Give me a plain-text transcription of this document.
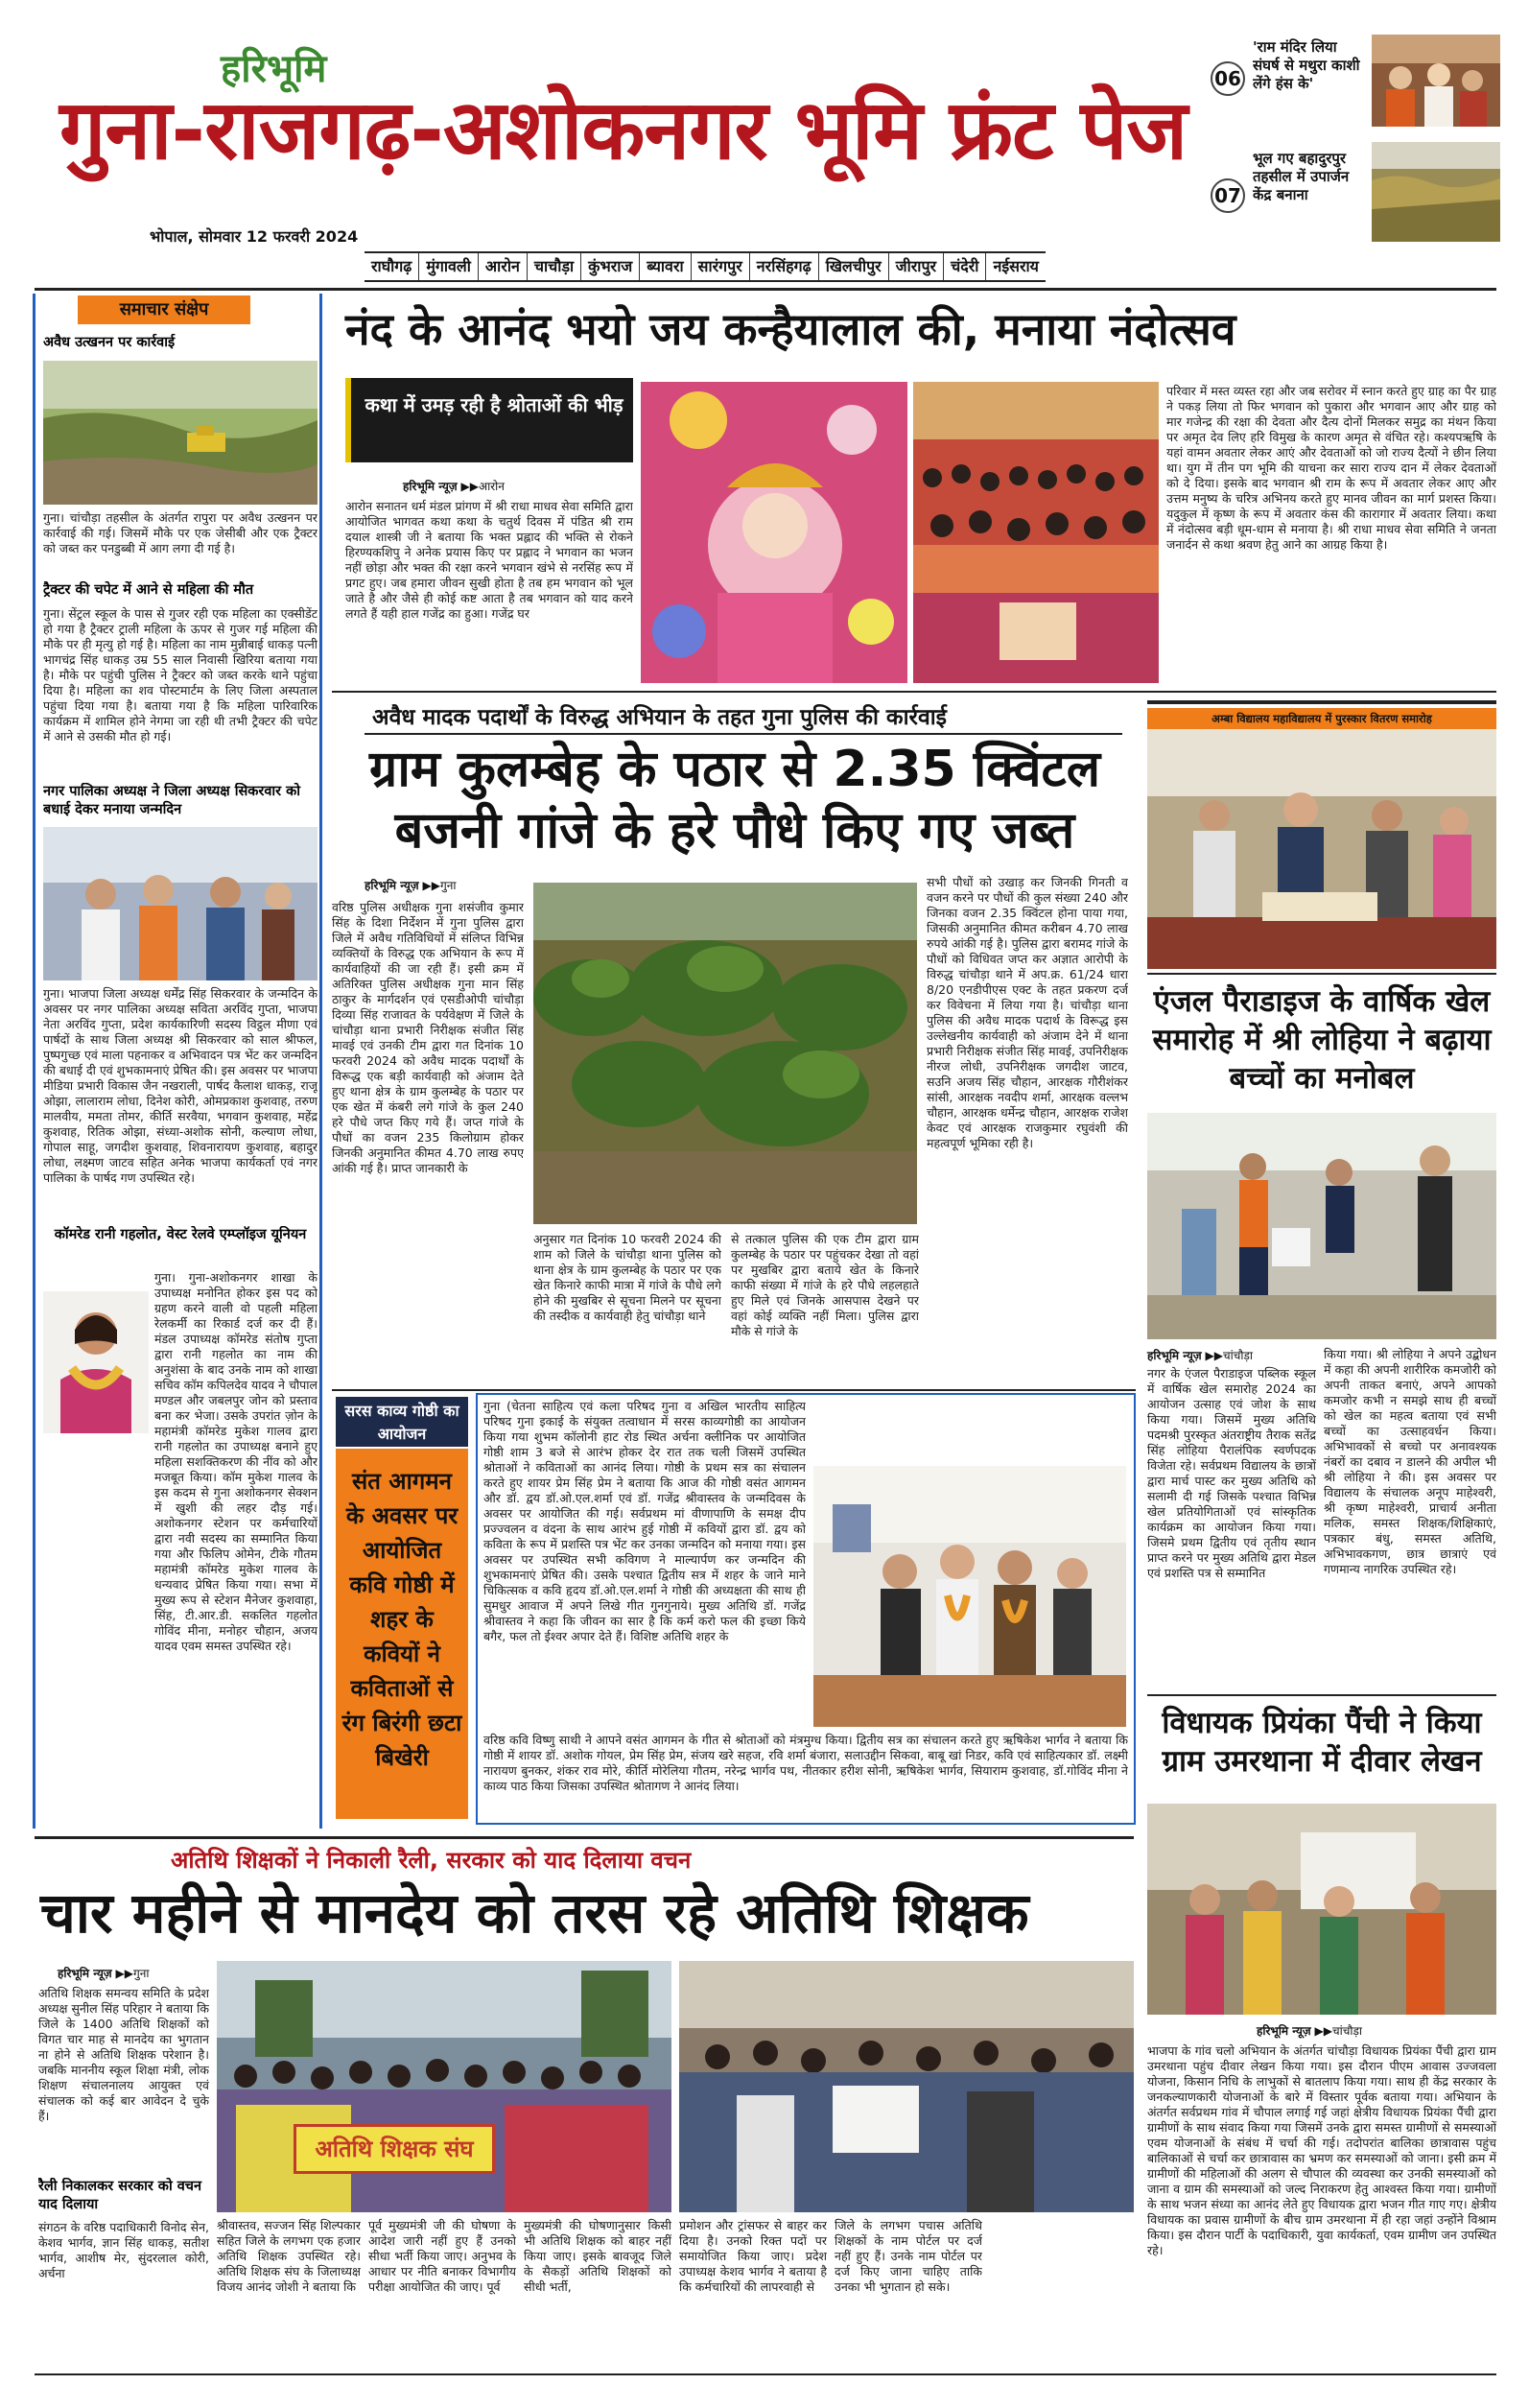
हरिभूमि
गुना-राजगढ़-अशोकनगर भूमि फ्रंट पेज
भोपाल, सोमवार 12 फरवरी 2024
06
'राम मंदिर लिया संघर्ष से मथुरा काशी लेंगे हंस के'
07
भूल गए बहादुरपुर तहसील में उपार्जन केंद्र बनाना
राघौगढ़ मुंगावली आरोन चाचौड़ा कुंभराज ब्यावरा सारंगपुर नरसिंहगढ़ खिलचीपुर जीरापुर चंदेरी नईसराय
समाचार संक्षेप
अवैध उत्खनन पर कार्रवाई
गुना। चांचौड़ा तहसील के अंतर्गत रापुरा पर अवैध उत्खनन पर कार्रवाई की गई। जिसमें मौके पर एक जेसीबी और एक ट्रैक्टर को जब्त कर पनडुब्बी में आग लगा दी गई है।
ट्रैक्टर की चपेट में आने से महिला की मौत
गुना। सेंट्रल स्कूल के पास से गुजर रही एक महिला का एक्सीडेंट हो गया है ट्रैक्टर ट्राली महिला के ऊपर से गुजर गई महिला की मौके पर ही मृत्यु हो गई है। महिला का नाम मुन्नीबाई धाकड़ पत्नी भागचंद्र सिंह धाकड़ उम्र 55 साल निवासी खिरिया बताया गया है। मौके पर पहुंची पुलिस ने ट्रैक्टर को जब्त करके थाने पहुंचा दिया है। महिला का शव पोस्टमार्टम के लिए जिला अस्पताल पहुंचा दिया गया है। बताया गया है कि महिला पारिवारिक कार्यक्रम में शामिल होने नेगमा जा रही थी तभी ट्रैक्टर की चपेट में आने से उसकी मौत हो गई।
नगर पालिका अध्यक्ष ने जिला अध्यक्ष सिकरवार को बधाई देकर मनाया जन्मदिन
गुना। भाजपा जिला अध्यक्ष धर्मेंद्र सिंह सिकरवार के जन्मदिन के अवसर पर नगर पालिका अध्यक्ष सविता अरविंद गुप्ता, भाजपा नेता अरविंद गुप्ता, प्रदेश कार्यकारिणी सदस्य विट्ठल मीणा एवं पार्षदों के साथ जिला अध्यक्ष श्री सिकरवार को साल श्रीफल, पुष्पगुच्छ एवं माला पहनाकर व अभिवादन पत्र भेंट कर जन्मदिन की बधाई दी एवं शुभकामनाएं प्रेषित की। इस अवसर पर भाजपा मीडिया प्रभारी विकास जैन नखराली, पार्षद कैलाश धाकड़, राजू ओझा, लालाराम लोधा, दिनेश कोरी, ओमप्रकाश कुशवाह, तरुण मालवीय, ममता तोमर, कीर्ति सरवैया, भगवान कुशवाह, महेंद्र कुशवाह, रितिक ओझा, संध्या-अशोक सोनी, कल्याण लोधा, गोपाल साहू, जगदीश कुशवाह, शिवनारायण कुशवाह, बहादुर लोधा, लक्ष्मण जाटव सहित अनेक भाजपा कार्यकर्ता एवं नगर पालिका के पार्षद गण उपस्थित रहे।
कॉमरेड रानी गहलोत, वेस्ट रेलवे एम्प्लॉइज यूनियन
गुना। गुना-अशोकनगर शाखा के उपाध्यक्ष मनोनित होकर इस पद को ग्रहण करने वाली वो पहली महिला रेलकर्मी का रिकार्ड दर्ज कर दी हैं। मंडल उपाध्यक्ष कॉमरेड संतोष गुप्ता द्वारा रानी गहलोत का नाम की अनुशंसा के बाद उनके नाम को शाखा सचिव कॉम कपिलदेव यादव ने चौपाल मण्डल और जबलपुर जोन को प्रस्ताव बना कर भेजा। उसके उपरांत ज़ोन के महामंत्री कॉमरेड मुकेश गालव द्वारा रानी गहलोत का उपाध्यक्ष बनाने हुए महिला सशक्तिकरण की नींव को और मजबूत किया। कॉम मुकेश गालव के इस कदम से गुना अशोकनगर सेक्शन में खुशी की लहर दौड़ गई। अशोकनगर स्टेशन पर कर्मचारियों द्वारा नवी सदस्य का सम्मानित किया गया और फिलिप ओमेन, टीके गौतम महामंत्री कॉमरेड मुकेश गालव के धन्यवाद प्रेषित किया गया। सभा में मुख्य रूप से स्टेशन मैनेजर कुशवाहा, सिंह, टी.आर.डी. सकलित गहलोत गोविंद मीना, मनोहर चौहान, अजय यादव एवम समस्त उपस्थित रहे।
नंद के आनंद भयो जय कन्हैयालाल की, मनाया नंदोत्सव
कथा में उमड़ रही है श्रोताओं की भीड़
हरिभूमि न्यूज़ ▶▶आरोन
आरोन सनातन धर्म मंडल प्रांगण में श्री राधा माधव सेवा समिति द्वारा आयोजित भागवत कथा कथा के चतुर्थ दिवस में पंडित श्री राम दयाल शास्त्री जी ने बताया कि भक्त प्रह्लाद की भक्ति से रोकने हिरण्यकशिपु ने अनेक प्रयास किए पर प्रह्लाद ने भगवान का भजन नहीं छोड़ा और भक्त की रक्षा करने भगवान खंभे से नरसिंह रूप में प्रगट हुए। जब हमारा जीवन सुखी होता है तब हम भगवान को भूल जाते है और जैसे ही कोई कष्ट आता है तब भगवान को याद करने लगते हैं यही हाल गजेंद्र का हुआ। गजेंद्र घर
परिवार में मस्त व्यस्त रहा और जब सरोवर में स्नान करते हुए ग्राह का पैर ग्राह ने पकड़ लिया तो फिर भगवान को पुकारा और भगवान आए और ग्राह को मार गजेन्द्र की रक्षा की देवता और दैत्य दोनों मिलकर समुद्र का मंथन किया पर अमृत देव लिए हरि विमुख के कारण अमृत से वंचित रहे। कश्यपऋषि के यहां वामन अवतार लेकर आएं और देवताओं को जो राज्य दैत्यों ने छीन लिया था। युग में तीन पग भूमि की याचना कर सारा राज्य दान में लेकर देवताओं को दे दिया। इसके बाद भगवान श्री राम के रूप में अवतार लेकर आए और उत्तम मनुष्य के चरित्र अभिनय करते हुए मानव जीवन का मार्ग प्रशस्त किया। यदुकुल में कृष्ण के रूप में अवतार कंस की कारागार में अवतार लिया। कथा में नंदोत्सव बड़ी धूम-धाम से मनाया है। श्री राधा माधव सेवा समिति ने जनता जनार्दन से कथा श्रवण हेतु आने का आग्रह किया है।
अवैध मादक पदार्थों के विरुद्ध अभियान के तहत गुना पुलिस की कार्रवाई
ग्राम कुलम्बेह के पठार से 2.35 क्विंटल बजनी गांजे के हरे पौधे किए गए जब्त
हरिभूमि न्यूज़ ▶▶गुना
वरिष्ठ पुलिस अधीक्षक गुना शसंजीव कुमार सिंह के दिशा निर्देशन में गुना पुलिस द्वारा जिले में अवैध गतिविधियों में संलिप्त विभिन्न व्यक्तियों के विरुद्ध एक अभियान के रूप में कार्यवाहियों की जा रही हैं। इसी क्रम में अतिरिक्त पुलिस अधीक्षक गुना मान सिंह ठाकुर के मार्गदर्शन एवं एसडीओपी चांचौड़ा दिव्या सिंह राजावत के पर्यवेक्षण में जिले के चांचौड़ा थाना प्रभारी निरीक्षक संजीत सिंह मावई एवं उनकी टीम द्वारा गत दिनांक 10 फरवरी 2024 को अवैध मादक पदार्थों के विरूद्ध एक बड़ी कार्यवाही को अंजाम देते हुए थाना क्षेत्र के ग्राम कुलम्बेह के पठार पर एक खेत में कंबरी लगे गांजे के कुल 240 हरे पौधे जप्त किए गये हैं। जप्त गांजे के पौधों का वजन 235 किलोग्राम होकर जिनकी अनुमानित कीमत 4.70 लाख रुपए आंकी गई है। प्राप्त जानकारी के
अनुसार गत दिनांक 10 फरवरी 2024 की शाम को जिले के चांचौड़ा थाना पुलिस को थाना क्षेत्र के ग्राम कुलम्बेह के पठार पर एक खेत किनारे काफी मात्रा में गांजे के पौधे लगे होने की मुखबिर से सूचना मिलने पर सूचना की तस्दीक व कार्यवाही हेतु चांचौड़ा थाने
से तत्काल पुलिस की एक टीम द्वारा ग्राम कुलम्बेह के पठार पर पहुंचकर देखा तो वहां पर मुखबिर द्वारा बताये खेत के किनारे काफी संख्या में गांजे के हरे पौधे लहलहाते हुए मिले एवं जिनके आसपास देखने पर वहां कोई व्यक्ति नहीं मिला। पुलिस द्वारा मौके से गांजे के
सभी पौधों को उखाड़ कर जिनकी गिनती व वजन करने पर पौधों की कुल संख्या 240 और जिनका वजन 2.35 क्विंटल होना पाया गया, जिसकी अनुमानित कीमत करीबन 4.70 लाख रुपये आंकी गई है। पुलिस द्वारा बरामद गांजे के पौधों को विधिवत जप्त कर अज्ञात आरोपी के विरुद्ध चांचौड़ा थाने में अप.क्र. 61/24 धारा 8/20 एनडीपीएस एक्ट के तहत प्रकरण दर्ज कर विवेचना में लिया गया है। चांचौड़ा थाना पुलिस की अवैध मादक पदार्थ के विरूद्ध इस उल्लेखनीय कार्यवाही को अंजाम देने में थाना प्रभारी निरीक्षक संजीत सिंह मावई, उपनिरीक्षक नीरज लोधी, उपनिरीक्षक जगदीश जाटव, सउनि अजय सिंह चौहान, आरक्षक गौरीशंकर सांसी, आरक्षक नवदीप शर्मा, आरक्षक वल्लभ चौहान, आरक्षक धर्मेन्द्र चौहान, आरक्षक राजेश केवट एवं आरक्षक राजकुमार रघुवंशी की महत्वपूर्ण भूमिका रही है।
सरस काव्य गोष्ठी का आयोजन
संत आगमन के अवसर पर आयोजित कवि गोष्ठी में शहर के कवियों ने कविताओं से रंग बिरंगी छटा बिखेरी
गुना (चेतना साहित्य एवं कला परिषद गुना व अखिल भारतीय साहित्य परिषद गुना इकाई के संयुक्त तत्वाधान में सरस काव्यगोष्ठी का आयोजन किया गया शुभम कॉलोनी हाट रोड स्थित अर्चना क्लीनिक पर आयोजित गोष्ठी शाम 3 बजे से आरंभ होकर देर रात तक चली जिसमें उपस्थित श्रोताओं ने कविताओं का आनंद लिया। गोष्ठी के प्रथम सत्र का संचालन करते हुए शायर प्रेम सिंह प्रेम ने बताया कि आज की गोष्ठी वसंत आगमन और डॉ. द्वय डॉ.ओ.एल.शर्मा एवं डॉ. गजेंद्र श्रीवास्तव के जन्मदिवस के अवसर पर आयोजित की गई। सर्वप्रथम मां वीणापाणि के समक्ष दीप प्रज्ज्वलन व वंदना के साथ आरंभ हुई गोष्ठी में कवियों द्वारा डॉ. द्वय को कविता के रूप में प्रशस्ति पत्र भेंट कर उनका जन्मदिन को मनाया गया। इस अवसर पर उपस्थित सभी कविगण ने माल्यार्पण कर जन्मदिन की शुभकामनाएं प्रेषित की। उसके पश्चात द्वितीय सत्र में शहर के जाने माने चिकित्सक व कवि हृदय डॉ.ओ.एल.शर्मा ने गोष्ठी की अध्यक्षता की साथ ही सुमधुर आवाज में अपने लिखे गीत गुनगुनाये। मुख्य अतिथि डॉ. गजेंद्र श्रीवास्तव ने कहा कि जीवन का सार है कि कर्म करो फल की इच्छा किये बगैर, फल तो ईश्वर अपार देते हैं। विशिष्ट अतिथि शहर के
वरिष्ठ कवि विष्णु साथी ने आपने वसंत आगमन के गीत से श्रोताओं को मंत्रमुग्ध किया। द्वितीय सत्र का संचालन करते हुए ऋषिकेश भार्गव ने बताया कि गोष्ठी में शायर डॉ. अशोक गोयल, प्रेम सिंह प्रेम, संजय खरे सहज, रवि शर्मा बंजारा, सलाउद्दीन सिकवा, बाबू खां निडर, कवि एवं साहित्यकार डॉ. लक्ष्मी नारायण बुनकर, शंकर राव मोरे, कीर्ति मोरेलिया गौतम, नरेन्द्र भार्गव पथ, नीतकार हरीश सोनी, ऋषिकेश भार्गव, सियाराम कुशवाह, डॉ.गोविंद मीना ने काव्य पाठ किया जिसका उपस्थित श्रोतागण ने आनंद लिया।
अम्बा विद्यालय महाविद्यालय में पुरस्कार वितरण समारोह
एंजल पैराडाइज के वार्षिक खेल समारोह में श्री लोहिया ने बढ़ाया बच्चों का मनोबल
हरिभूमि न्यूज़ ▶▶चांचौड़ा
नगर के एंजल पैराडाइज पब्लिक स्कूल में वार्षिक खेल समारोह 2024 का आयोजन उत्साह एवं जोश के साथ किया गया। जिसमें मुख्य अतिथि पदमश्री पुरस्कृत अंतराष्ट्रीय तैराक सतेंद्र सिंह लोहिया पैरालंपिक स्वर्णपदक विजेता रहे। सर्वप्रथम विद्यालय के छात्रों द्वारा मार्च पास्ट कर मुख्य अतिथि को सलामी दी गई जिसके पश्चात विभिन्न खेल प्रतियोगिताओं एवं सांस्कृतिक कार्यक्रम का आयोजन किया गया। जिसमे प्रथम द्वितीय एवं तृतीय स्थान प्राप्त करने पर मुख्य अतिथि द्वारा मेडल एवं प्रशस्ति पत्र से सम्मानित
किया गया। श्री लोहिया ने अपने उद्बोधन में कहा की अपनी शारीरिक कमजोरी को अपनी ताकत बनाएं, अपने आपको कमजोर कभी न समझे साथ ही बच्चों को खेल का महत्व बताया एवं सभी बच्चों का उत्साहवर्धन किया। अभिभावकों से बच्चो पर अनावश्यक नंबरों का दबाव न डालने की अपील भी श्री लोहिया ने की। इस अवसर पर विद्यालय के संचालक अनूप माहेश्वरी, श्री कृष्ण माहेश्वरी, प्राचार्य अनीता मलिक, समस्त शिक्षक/शिक्षिकाएं, पत्रकार बंधु, समस्त अतिथि, अभिभावकगण, छात्र छात्राएं एवं गणमान्य नागरिक उपस्थित रहे।
विधायक प्रियंका पैंची ने किया ग्राम उमरथाना में दीवार लेखन
हरिभूमि न्यूज़ ▶▶चांचौड़ा
भाजपा के गांव चलो अभियान के अंतर्गत चांचौड़ा विधायक प्रियंका पैंची द्वारा ग्राम उमरथाना पहुंच दीवार लेखन किया गया। इस दौरान पीएम आवास उज्जवला योजना, किसान निधि के लाभुकों से बातलाप किया गया। साथ ही केंद्र सरकार के जनकल्याणकारी योजनाओं के बारे में विस्तार पूर्वक बताया गया। अभियान के अंतर्गत सर्वप्रथम गांव में चौपाल लगाई गई जहां क्षेत्रीय विधायक प्रियंका पैंची द्वारा ग्रामीणों के साथ संवाद किया गया जिसमें उनके द्वारा समस्त ग्रामीणों से समस्याओं एवम योजनाओं के संबंध में चर्चा की गई। तदोपरांत बालिका छात्रावास पहुंच बालिकाओं से चर्चा कर छात्रावास का भ्रमण कर समस्याओं को जाना। इसी क्रम में ग्रामीणों की महिलाओं की अलग से चौपाल की व्यवस्था कर उनकी समस्याओं को जाना व ग्राम की समस्याओं को जल्द निराकरण हेतु आश्वस्त किया गया। ग्रामीणों के साथ भजन संध्या का आनंद लेते हुए विधायक द्वारा भजन गीत गाए गए। क्षेत्रीय विधायक का प्रवास ग्रामीणों के बीच ग्राम उमरथाना में ही रहा जहां उन्होंने विश्राम किया। इस दौरान पार्टी के पदाधिकारी, युवा कार्यकर्ता, एवम ग्रामीण जन उपस्थित रहे।
अतिथि शिक्षकों ने निकाली रैली, सरकार को याद दिलाया वचन
चार महीने से मानदेय को तरस रहे अतिथि शिक्षक
हरिभूमि न्यूज़ ▶▶गुना
अतिथि शिक्षक समन्वय समिति के प्रदेश अध्यक्ष सुनील सिंह परिहार ने बताया कि जिले के 1400 अतिथि शिक्षकों को विगत चार माह से मानदेय का भुगतान ना होने से अतिथि शिक्षक परेशान है। जबकि माननीय स्कूल शिक्षा मंत्री, लोक शिक्षण संचालनालय आयुक्त एवं संचालक को कई बार आवेदन दे चुके हैं।
रैली निकालकर सरकार को वचन याद दिलाया
संगठन के वरिष्ठ पदाधिकारी विनोद सेन, केशव भार्गव, ज्ञान सिंह धाकड़, सतीश भार्गव, आशीष मेर, सुंदरलाल कोरी, अर्चना
अतिथि शिक्षक संघ
श्रीवास्तव, सज्जन सिंह शिल्पकार सहित जिले के लगभग एक हजार अतिथि शिक्षक उपस्थित रहे। अतिथि शिक्षक संघ के जिलाध्यक्ष विजय आनंद जोशी ने बताया कि
पूर्व मुख्यमंत्री जी की घोषणा के आदेश जारी नहीं हुए हैं उनको सीधा भर्ती किया जाए। अनुभव के आधार पर नीति बनाकर विभागीय परीक्षा आयोजित की जाए। पूर्व
मुख्यमंत्री की घोषणानुसार किसी भी अतिथि शिक्षक को बाहर नहीं किया जाए। इसके बावजूद जिले के सैकड़ों अतिथि शिक्षकों को सीधी भर्ती,
प्रमोशन और ट्रांसफर से बाहर कर दिया है। उनको रिक्त पदों पर समायोजित किया जाए। प्रदेश उपाध्यक्ष केशव भार्गव ने बताया है कि कर्मचारियों की लापरवाही से
जिले के लगभग पचास अतिथि शिक्षकों के नाम पोर्टल पर दर्ज नहीं हुए हैं। उनके नाम पोर्टल पर दर्ज किए जाना चाहिए ताकि उनका भी भुगतान हो सके।
